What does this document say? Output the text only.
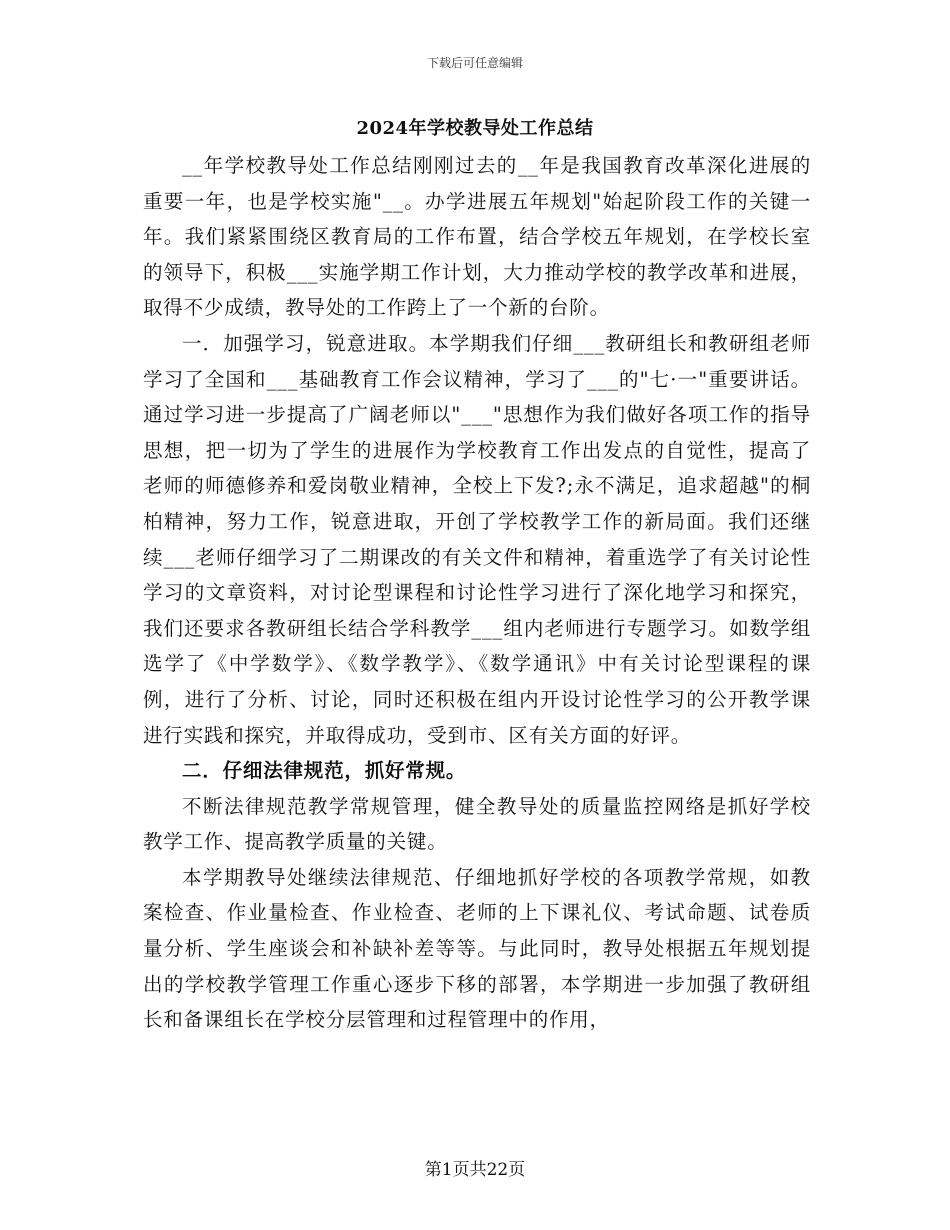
下载后可任意编辑
2024年学校教导处工作总结

__年学校教导处工作总结刚刚过去的__年是我国教育改革深化进展的重要一年，也是学校实施"__。办学进展五年规划"始起阶段工作的关键一年。我们紧紧围绕区教育局的工作布置，结合学校五年规划，在学校长室的领导下，积极___实施学期工作计划，大力推动学校的教学改革和进展，取得不少成绩，教导处的工作跨上了一个新的台阶。

一．加强学习，锐意进取。本学期我们仔细___教研组长和教研组老师学习了全国和___基础教育工作会议精神，学习了___的"七·一"重要讲话。通过学习进一步提高了广阔老师以"___"思想作为我们做好各项工作的指导思想，把一切为了学生的进展作为学校教育工作出发点的自觉性，提高了老师的师德修养和爱岗敬业精神，全校上下发?;永不满足，追求超越"的桐柏精神，努力工作，锐意进取，开创了学校教学工作的新局面。我们还继续___老师仔细学习了二期课改的有关文件和精神，着重选学了有关讨论性学习的文章资料，对讨论型课程和讨论性学习进行了深化地学习和探究，我们还要求各教研组长结合学科教学___组内老师进行专题学习。如数学组选学了《中学数学》、《数学教学》、《数学通讯》中有关讨论型课程的课例，进行了分析、讨论，同时还积极在组内开设讨论性学习的公开教学课进行实践和探究，并取得成功，受到市、区有关方面的好评。

二．仔细法律规范，抓好常规。

不断法律规范教学常规管理，健全教导处的质量监控网络是抓好学校教学工作、提高教学质量的关键。

本学期教导处继续法律规范、仔细地抓好学校的各项教学常规，如教案检查、作业量检查、作业检查、老师的上下课礼仪、考试命题、试卷质量分析、学生座谈会和补缺补差等等。与此同时，教导处根据五年规划提出的学校教学管理工作重心逐步下移的部署，本学期进一步加强了教研组长和备课组长在学校分层管理和过程管理中的作用，

第1页共22页
